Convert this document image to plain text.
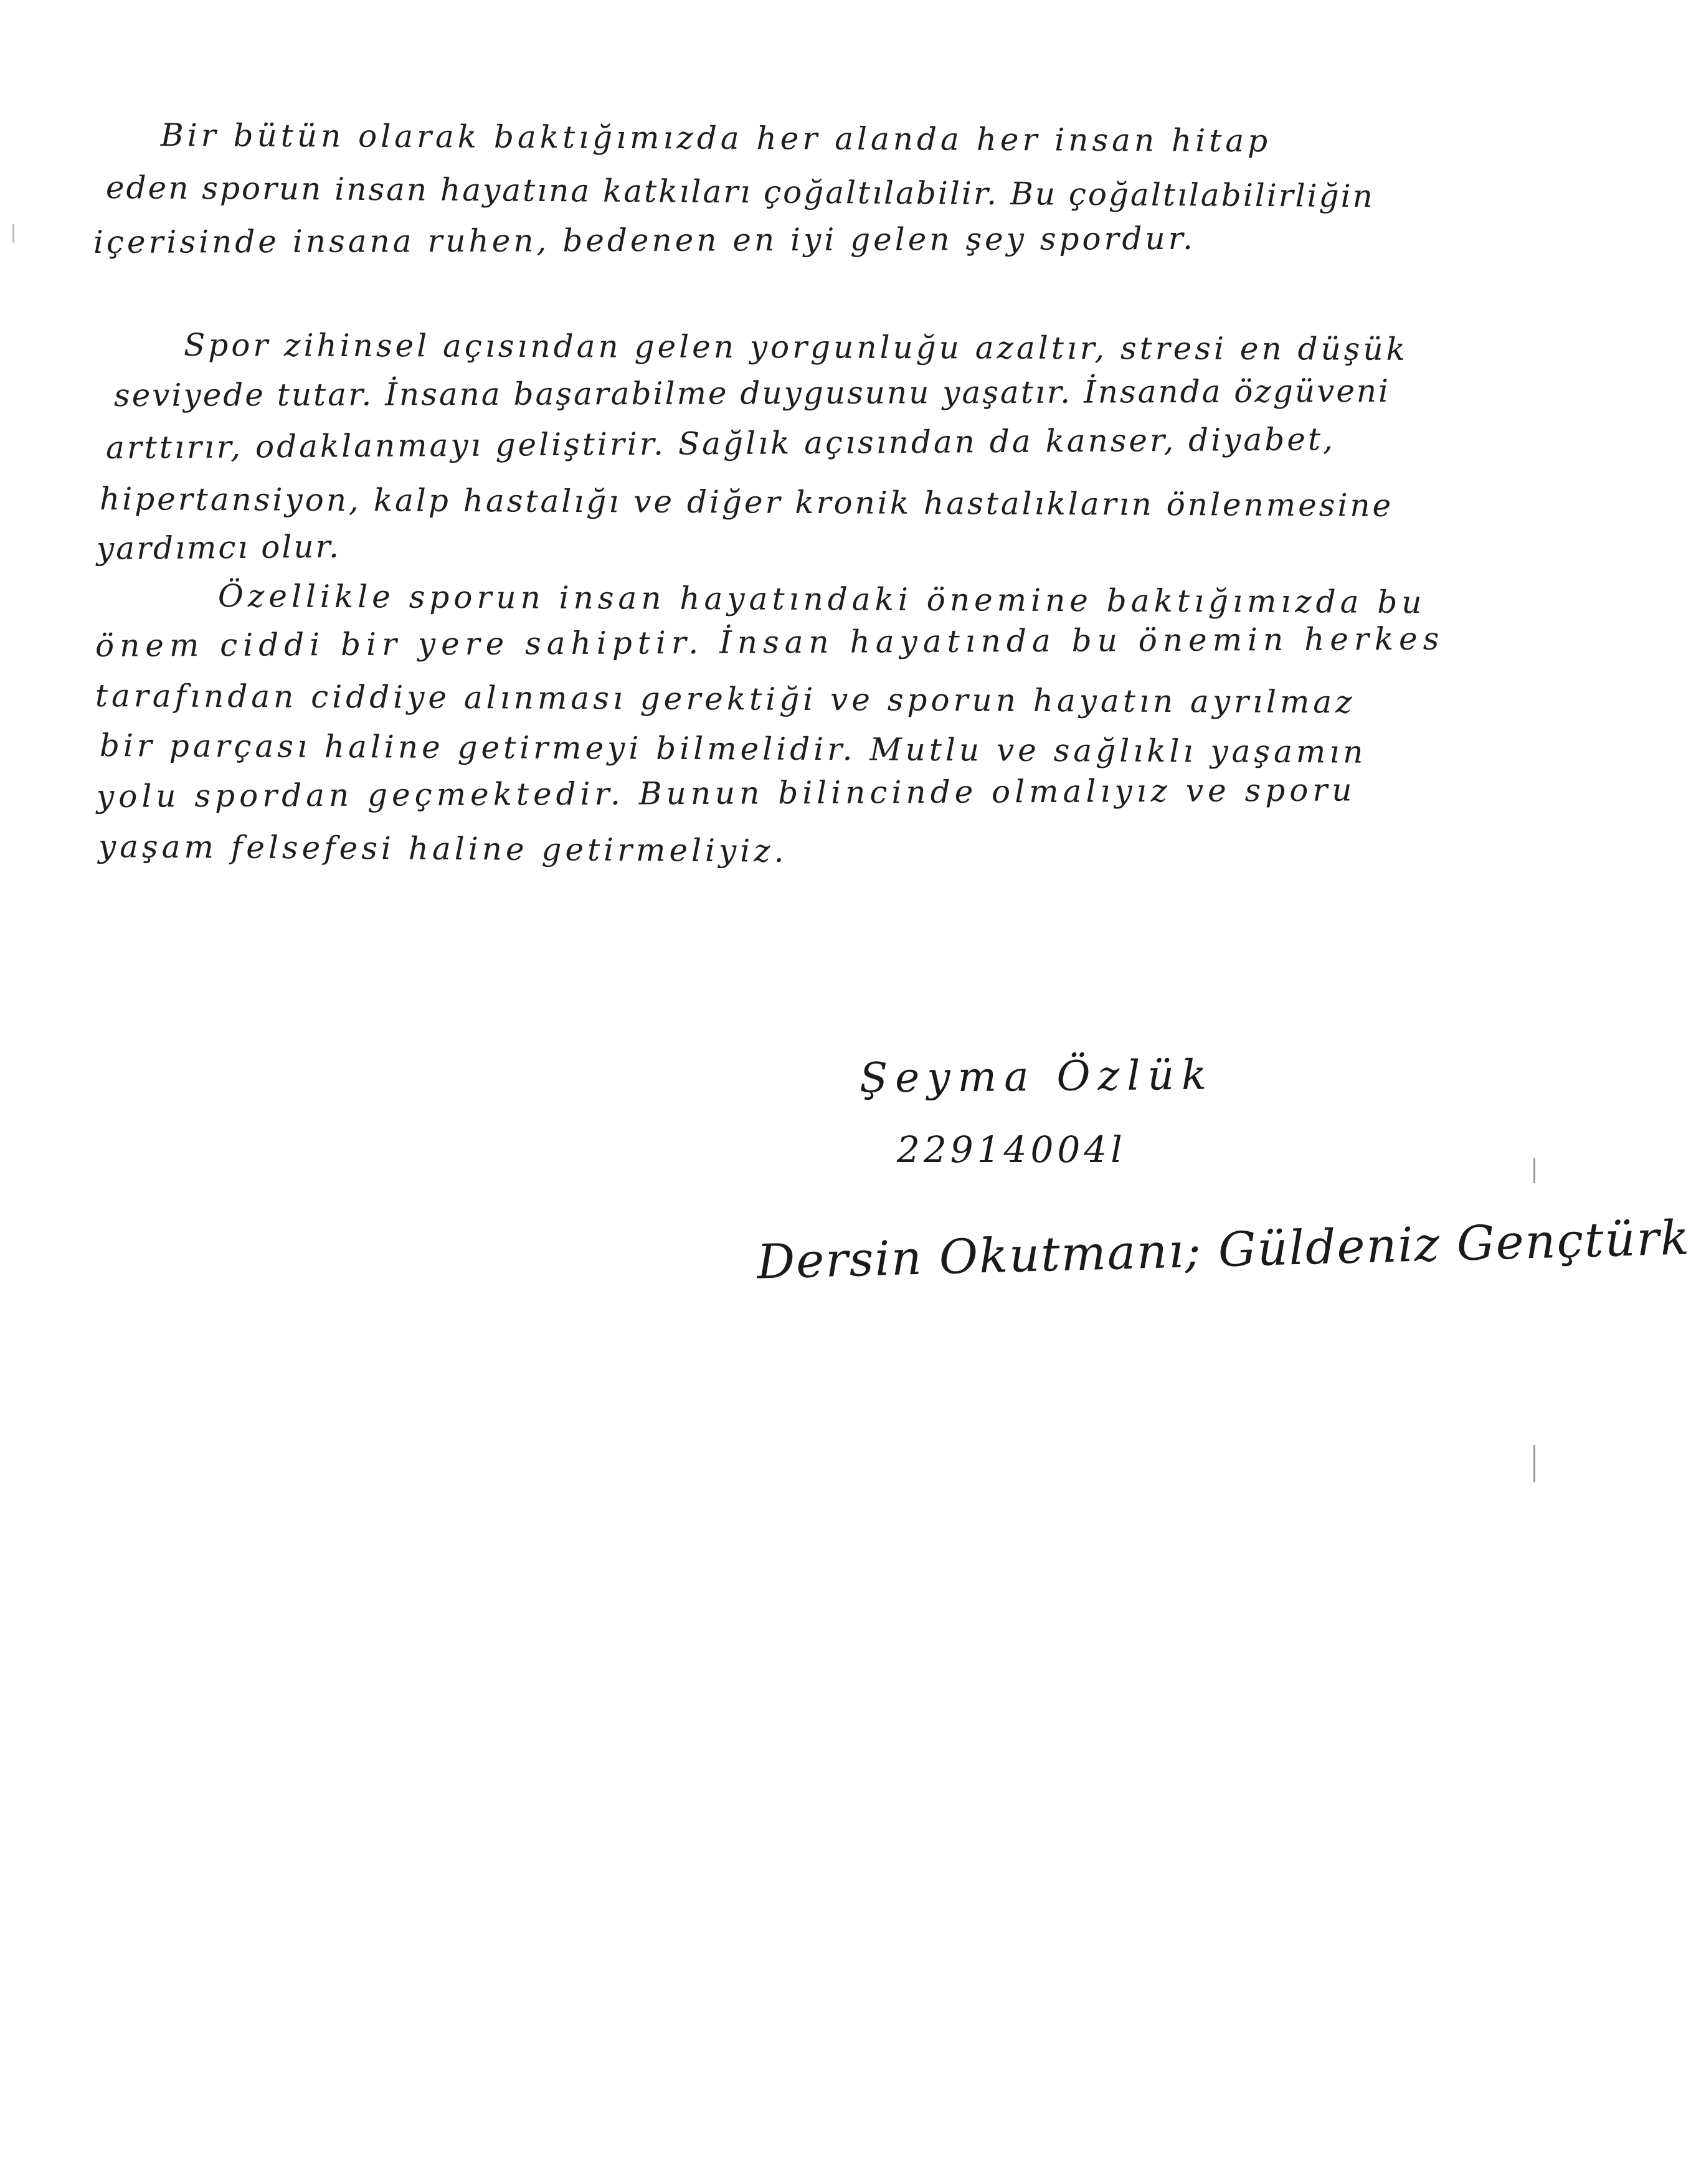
Bir bütün olarak baktığımızda her alanda her insan hitap
eden sporun insan hayatına katkıları çoğaltılabilir. Bu çoğaltılabilirliğin
içerisinde insana ruhen, bedenen en iyi gelen şey spordur.
Spor zihinsel açısından gelen yorgunluğu azaltır, stresi en düşük
seviyede tutar. İnsana başarabilme duygusunu yaşatır. İnsanda özgüveni
arttırır, odaklanmayı geliştirir. Sağlık açısından da kanser, diyabet,
hipertansiyon, kalp hastalığı ve diğer kronik hastalıkların önlenmesine
yardımcı olur.
Özellikle sporun insan hayatındaki önemine baktığımızda bu
önem ciddi bir yere sahiptir. İnsan hayatında bu önemin herkes
tarafından ciddiye alınması gerektiği ve sporun hayatın ayrılmaz
bir parçası haline getirmeyi bilmelidir. Mutlu ve sağlıklı yaşamın
yolu spordan geçmektedir. Bunun bilincinde olmalıyız ve sporu
yaşam felsefesi haline getirmeliyiz.
Şeyma Özlük
22914004l
Dersin Okutmanı; Güldeniz Gençtürk
